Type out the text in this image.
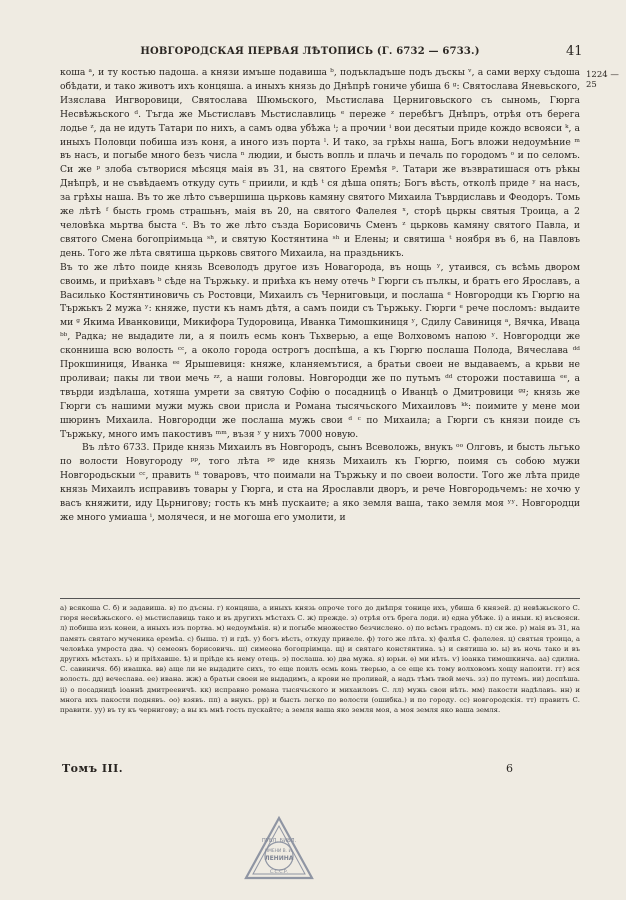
НОВГОРОДСКАЯ ПЕРВАЯ ЛѢТОПИСЬ (Г. 6732 — 6733.)	41
1224 — 25

коша ᵃ, и ту костью падоша. а князи имъше подавиша ᵇ, подъкладъше подъ дъскы ᵛ, а сами верху съдоша обѣдати, и тако животъ ихъ концяша. а иныхъ князь до Днѣпрѣ гониче убиша 6 ᵍ: Святослава Яневьского, Изяслава Ингворовици, Святослава Шюмьского, Мьстислава Церниговьского съ сыномь, Гюрга Несвѣжьского ᵈ. Тъгда же Мьстиславъ Мьстиславлиць ᵉ переже ᶻ перебѣгъ Днѣпръ, отрѣя отъ берега лодье ᶻ, да не идуть Татари по нихъ, а самъ одва убѣжа ⁱ; а прочии ⁱ вои десятыи приде кождо всвояси ᵏ, а иныхъ Половци побиша изъ коня, а иного изъ порта ˡ. И тако, за грѣхы наша, Богъ вложи недоумѣние ᵐ въ насъ, и погыбе много безъ числа ⁿ людии, и бысть вопль и плачь и печаль по городомъ ᵒ и по селомъ. Си же ᵖ злоба сътворися мѣсяця маія въ 31, на святого Еремѣя ᵖ. Татари же възвратишася отъ рѣкы Днѣпрѣ, и не съвѣдаемъ откуду суть ᶜ приили, и кдѣ ᵗ ся дѣша опять; Богъ вѣсть, отколѣ приде ʸ на насъ, за грѣхы наша. Въ то же лѣто съвершиша цьрковь камяну святого Михаила Тъврдиславь и Феодоръ. Томь же лѣтѣ ᶠ бысть громь страшьнъ, маія въ 20, на святого Фалелея ˣ, сторѣ цьркы святыя Троица, а 2 человѣка мьртва быста ᶜ. Въ то же лѣто създа Борисовичь Сменъ ᶻ цьрковь камяну святого Павла, и святого Смена богопріимьца ˢʰ, и святую Костянтина ˢʰ и Елены; и святиша ᵗ ноября въ 6, на Павловъ день. Того же лѣта святиша цьрковь святого Михаила, на праздьникъ.

Въ то же лѣто поиде князь Всеволодъ другое изъ Новагорода, въ нощь ʸ, утаився, съ всѣмь двором своимь, и приѣхавъ ᵇ сѣде на Тържьку. и приѣха къ нему отечь ᵇ Гюрги съ пълкы, и братъ его Ярославъ, а Василько Костянтиновичь съ Ростовци, Михаилъ съ Черниговьци, и послаша ᵉ Новгородци къ Гюргю на Тържькъ 2 мужа ʸ: княже, пусти къ намъ дѣтя, а самъ поиди съ Тържьку. Гюрги ᵉ рече посломъ: выдаите ми ᵍ Якима Иванковици, Микифора Тудоровица, Иванка Тимошкиниця ʸ, Сдилу Савиниця ᵃ, Вячка, Иваца ᵇᵇ, Радка; не выдадите ли, а я поилъ есмь конъ Тьхверью, а еще Волховомъ напою ʸ. Новгородци же сконниша всю волость ᶜᶜ, а около города острогъ доспѣша, а къ Гюргю послаша Полода, Вячеслава ᵈᵈ Прокшиниця, Иванка ᵉᵉ Ярышевиця: княже, кланяемътися, а братьи своеи не выдаваемъ, а крьви не проливаи; пакы ли твои мечь ᶻᶻ, а наши головы. Новгородци же по путьмъ ᵈᵈ сторожи поставиша ᵉᵉ, а твърди издѣлаша, хотяша умрети за святую Софію о посадницѣ о Иванцѣ о Дмитровици ᵍᵍ; князь же Гюрги съ нашими мужи мужь свои присла и Романа тысячьского Михаиловъ ᵏᵏ: поимите у мене мои шюринъ Михаила. Новгородци же послаша мужь свои ᵈ ᶜ по Михаила; а Гюрги съ князи поиде съ Тържьку, много имъ пакостивъ ᵐᵐ, възя ʸ у нихъ 7000 новую.

Въ лѣто 6733. Приде князь Михаилъ въ Новгородъ, сынъ Всеволожь, внукъ ᵒᵒ Олговъ, и бысть льгько по волости Новугороду ᵖᵖ, того лѣта ᵖᵖ иде князь Михаилъ къ Гюргю, поимя съ собою мужи Новгородьскыи ᶜᶜ, править ᵗᵗ товаровъ, что поимали на Тържьку и по своеи волости. Того же лѣта приде князь Михаилъ исправивъ товары у Гюрга, и ста на Ярославли дворъ, и рече Новгородьчемъ: не хочю у васъ княжити, иду Цьрнигову; гость къ мнѣ пускаите; а яко земля ваша, тако земля моя ʸʸ. Новгородци же много умиаша ⁱ, молячеся, и не могоша его умолити, и

а) всякоша С. б) и задавиша. в) по дъсны. г) концяша, а иныхъ князь опроче того до днѣпря тонице ихъ, убиша 6 князей. д) невѣжьского С. гюря несвѣжьского. е) мьстиславиць тако и въ другихъ мѣстахъ С. ж) прежде. з) отрѣя отъ брега лоди. и) една убѣже. і) а иныи. к) въсвояси. л) побиша изъ конеи, а иныхъ изъ портва. м) недоумѣнія. н) и погыбе множество безчислено. о) по всѣмъ градомъ. п) си же. р) маія въ 31, на память святаго мученика еремѣа. с) быша. т) и гдѣ. у) богъ вѣсть, откуду привеле. ф) того же лѣта. х) фалѣя С. фалелея. ц) святыя троица, а человѣка умроста два. ч) семеонъ борисовичь. ш) симеона богопріимца. щ) и святаго констянтина. ъ) и святиша ю. ы) въ ночь тако и въ другихъ мѣстахъ. ь) и пріѣхавше. ѣ) и пріѣде къ нему отець. э) послаша. ю) два мужа. я) юрьи. ѳ) ми нѣть. ѵ) іоанка тимошкинча. аа) сдилиа. С. савиничя. бб) ивашка. вв) аще ли не выдадите сихъ, то еще поилъ есмь конь тверью, а се еще къ тому волховомъ хощу напоити. гг) вся волость. дд) вечеслава. ее) ивана. жж) а братьи своеи не выдадимъ, а крови не проливай, а надъ тѣмъ твой мечь. зз) по путемъ. ии) доспѣша. іі) о посадницѣ іоаннѣ дмитреевичѣ. кк) исправно романа тысячьского и михаиловъ С. лл) мужь свои нѣть. мм) пакости надѣлавъ. нн) и многа ихъ пакости поднявъ. оо) взявъ. пп) а внукъ. рр) и бысть легко по волости (ошибка.) и по городу. сс) новгородскія. тт) правитъ С. правити. уу) въ ту къ чернигову; а вы къ мнѣ гость пускайте; а земля ваша яко земля моя, а моя земля яко ваша земля.

Томъ III.	6
ПУБЛ. БИБЛ.
ИМЕНИ В. И.
ЛЕНИНА
С.С.С.Р.
